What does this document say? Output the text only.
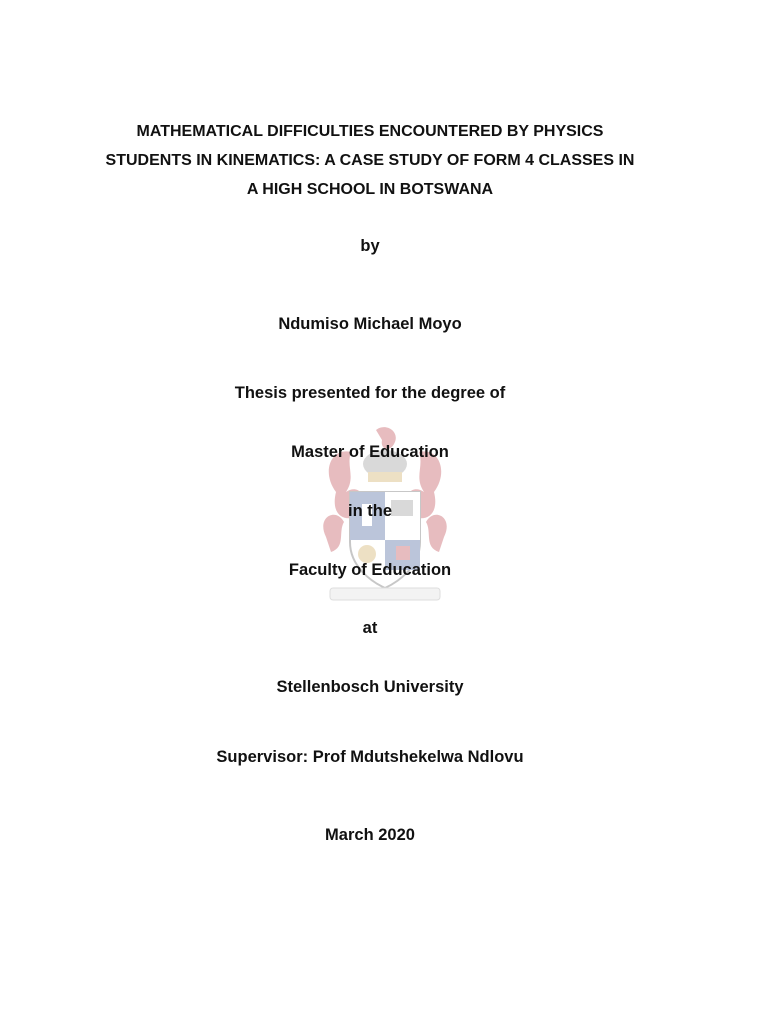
MATHEMATICAL DIFFICULTIES ENCOUNTERED BY PHYSICS
STUDENTS IN KINEMATICS: A CASE STUDY OF FORM 4 CLASSES IN
A HIGH SCHOOL IN BOTSWANA
by
Ndumiso Michael Moyo
Thesis presented for the degree of
Master of Education
in the
Faculty of Education
at
Stellenbosch University
Supervisor: Prof Mdutshekelwa Ndlovu
March 2020
